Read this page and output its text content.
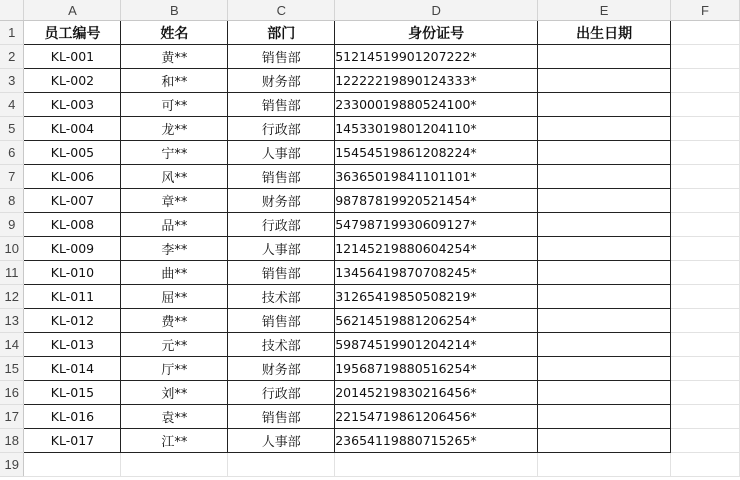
	A	B	C	D	E	F
1	员工编号	姓名	部门	身份证号	出生日期	
2	KL-001	黄**	销售部	51214519901207222*		
3	KL-002	和**	财务部	12222219890124333*		
4	KL-003	可**	销售部	23300019880524100*		
5	KL-004	龙**	行政部	14533019801204110*		
6	KL-005	宁**	人事部	15454519861208224*		
7	KL-006	风**	销售部	36365019841101101*		
8	KL-007	章**	财务部	98787819920521454*		
9	KL-008	品**	行政部	54798719930609127*		
10	KL-009	李**	人事部	12145219880604254*		
11	KL-010	曲**	销售部	13456419870708245*		
12	KL-011	屈**	技术部	31265419850508219*		
13	KL-012	费**	销售部	56214519881206254*		
14	KL-013	元**	技术部	59874519901204214*		
15	KL-014	厅**	财务部	19568719880516254*		
16	KL-015	刘**	行政部	20145219830216456*		
17	KL-016	袁**	销售部	22154719861206456*		
18	KL-017	江**	人事部	23654119880715265*		
19						
